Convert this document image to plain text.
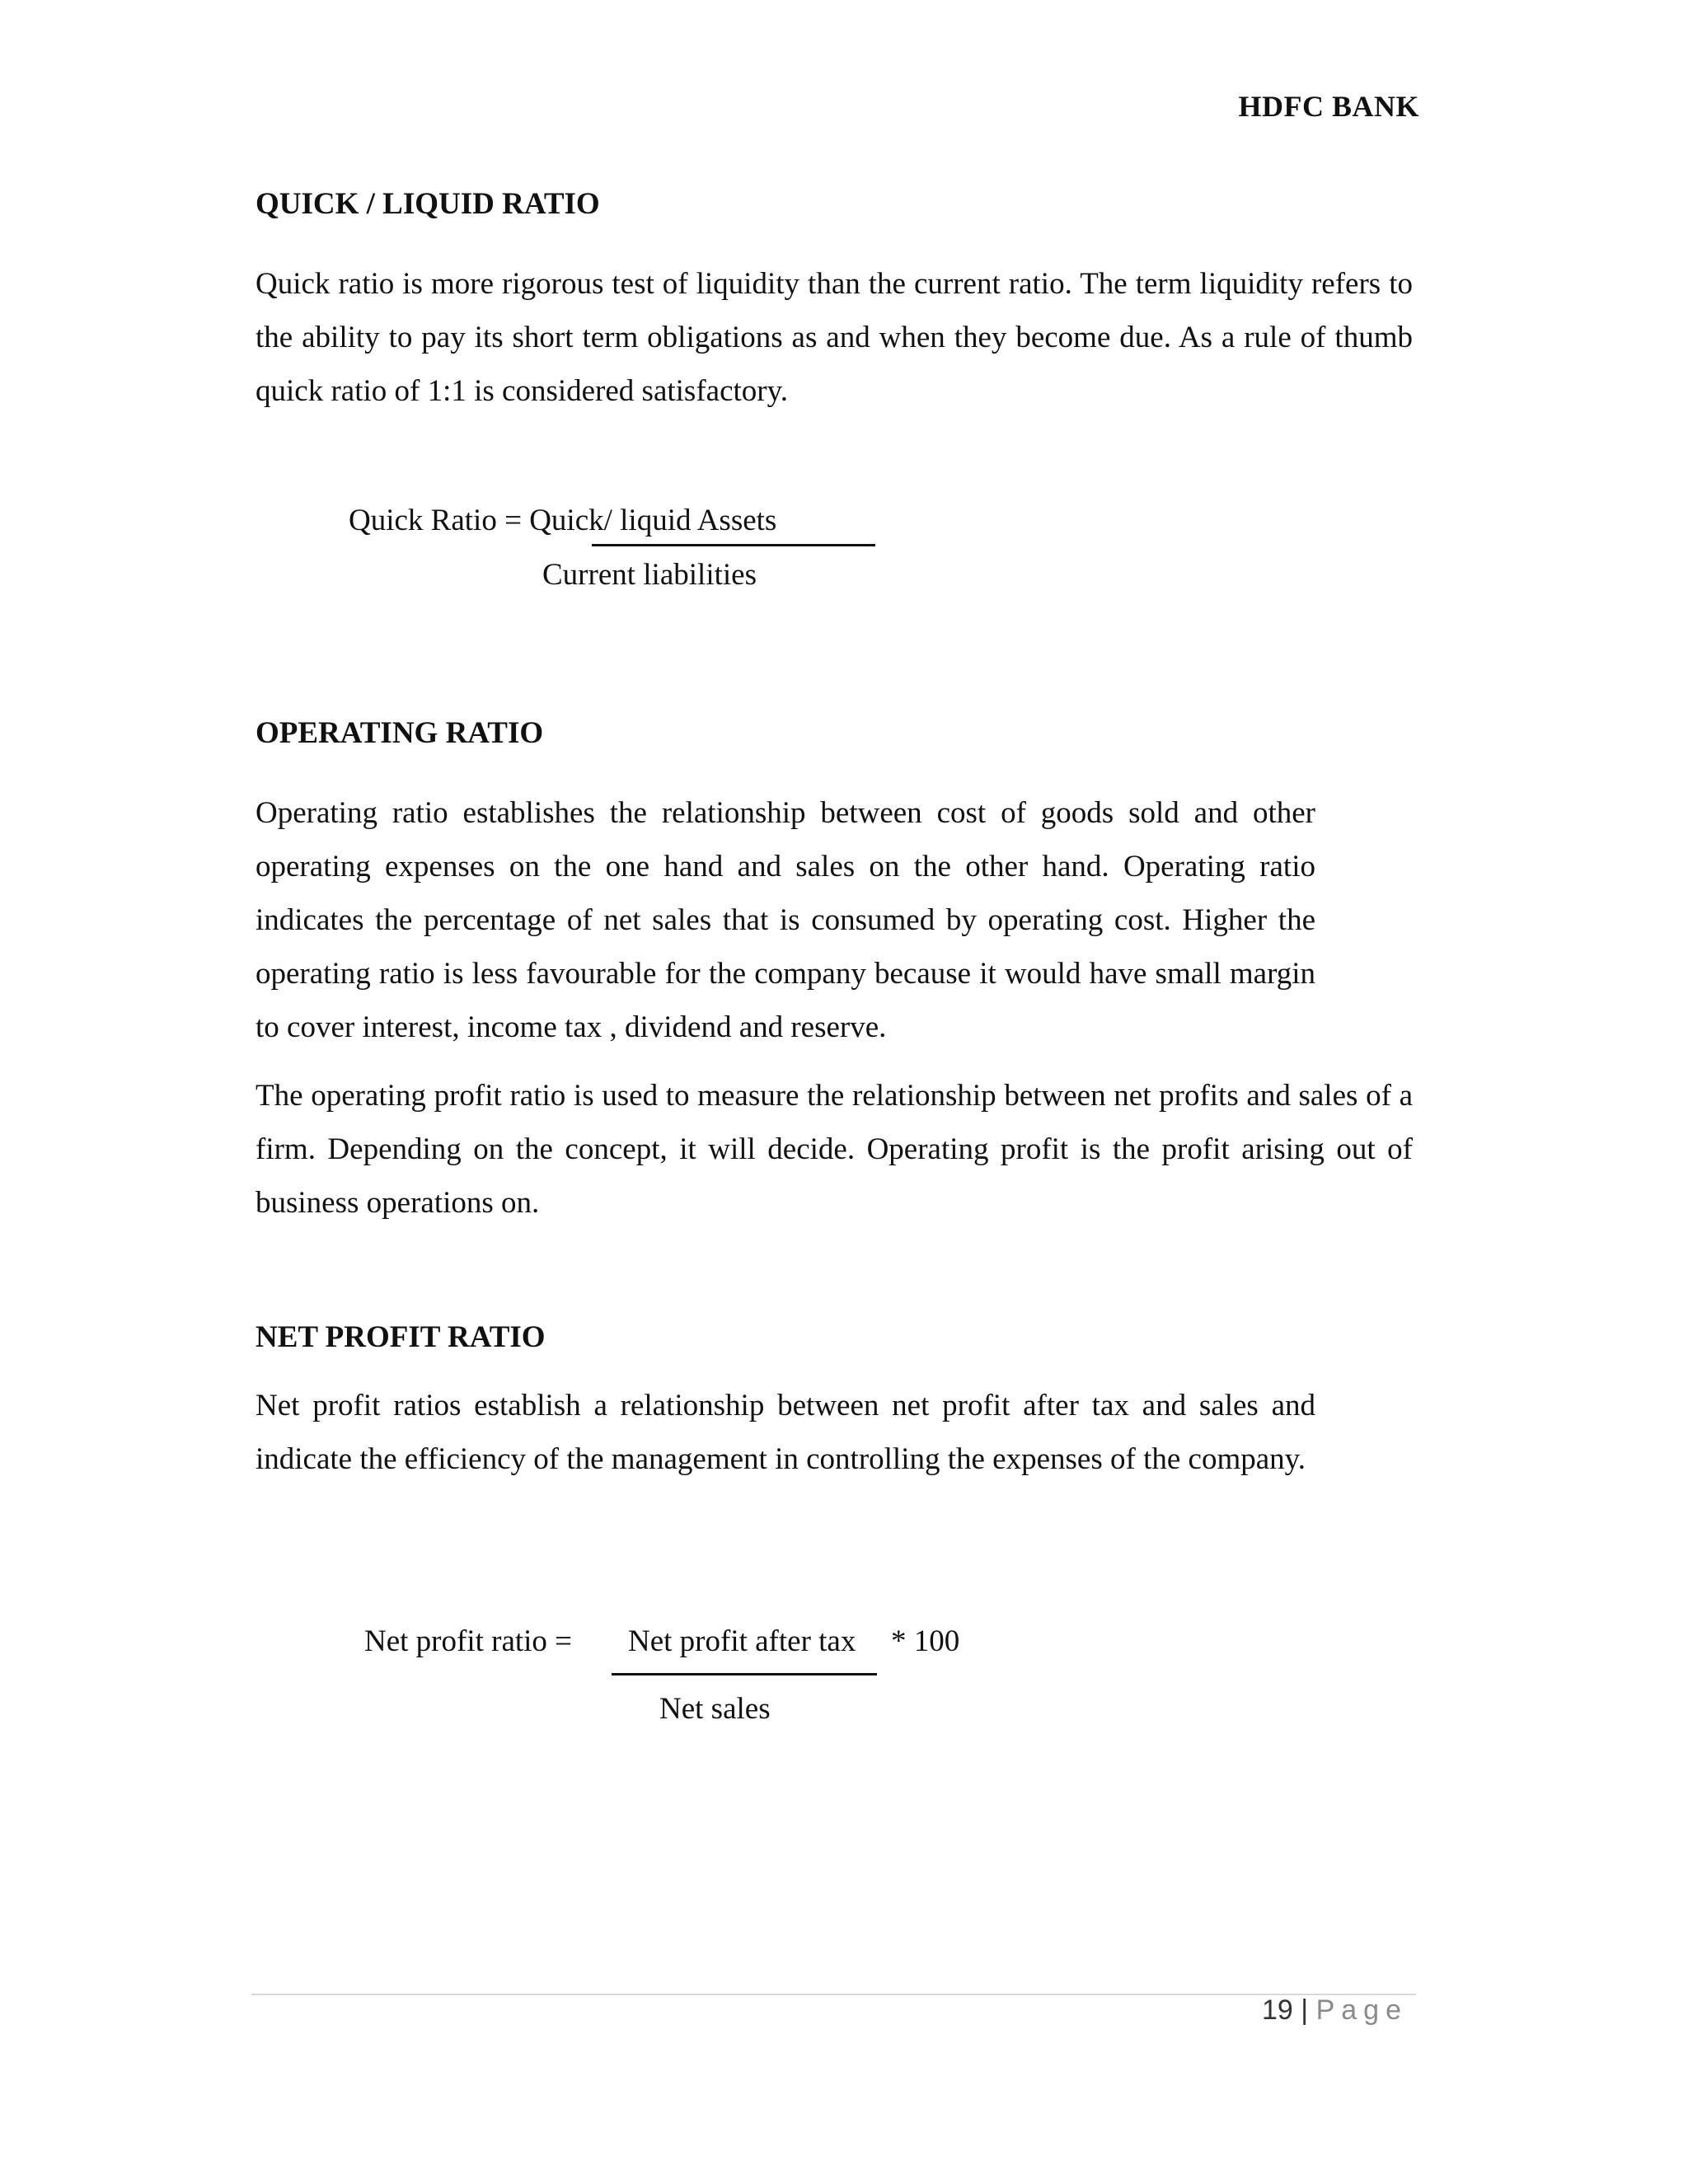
HDFC BANK
QUICK / LIQUID RATIO

Quick ratio is more rigorous test of liquidity than the current ratio. The term liquidity refers to the ability to pay its short term obligations as and when they become due. As a rule of thumb quick ratio of 1:1 is considered satisfactory.

Quick Ratio = Quick/ liquid Assets
Current liabilities
OPERATING RATIO

Operating ratio establishes the relationship between cost of goods sold and other operating expenses on the one hand and sales on the other hand. Operating ratio indicates the percentage of net sales that is consumed by operating cost. Higher the operating ratio is less favourable for the company because it would have small margin to cover interest, income tax , dividend and reserve.

The operating profit ratio is used to measure the relationship between net profits and sales of a firm. Depending on the concept, it will decide. Operating profit is the profit arising out of business operations on.

NET PROFIT RATIO

Net profit ratios establish a relationship between net profit after tax and sales and indicate the efficiency of the management in controlling the expenses of the company.

Net profit ratio = Net profit after tax * 100
Net sales
19 | Page
